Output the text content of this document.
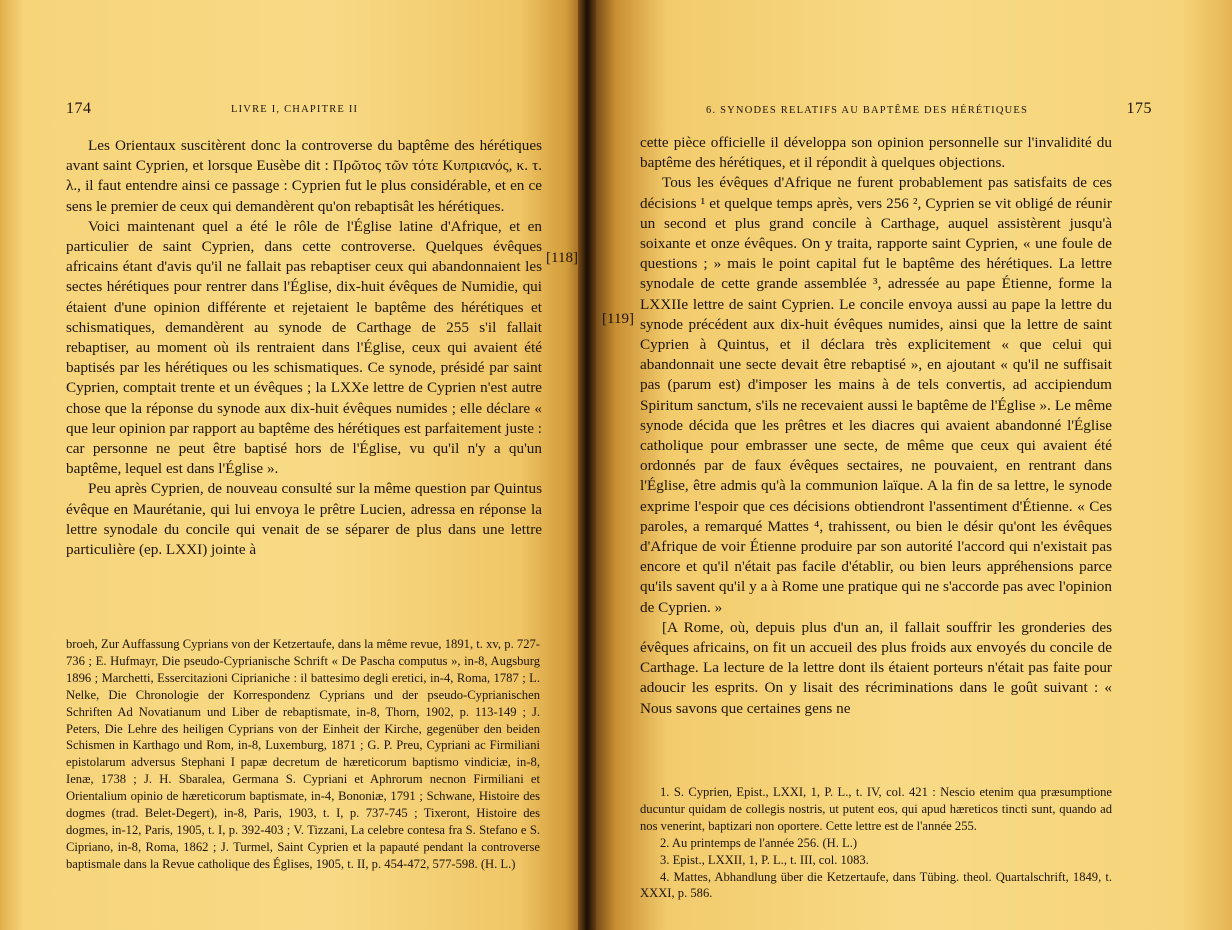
174	LIVRE I, CHAPITRE II

Les Orientaux suscitèrent donc la controverse du baptême des hérétiques avant saint Cyprien, et lorsque Eusèbe dit : Πρῶτος τῶν τότε Κυπριανός, κ. τ. λ., il faut entendre ainsi ce passage : Cyprien fut le plus considérable, et en ce sens le premier de ceux qui demandèrent qu'on rebaptisât les hérétiques.

Voici maintenant quel a été le rôle de l'Église latine d'Afrique, et en particulier de saint Cyprien, dans cette controverse. Quelques évêques africains étant d'avis qu'il ne fallait pas rebaptiser ceux qui abandonnaient les sectes hérétiques pour rentrer dans l'Église, dix-huit évêques de Numidie, qui étaient d'une opinion différente et rejetaient le baptême des hérétiques et schismatiques, demandèrent au synode de Carthage de 255 s'il fallait rebaptiser, au moment où ils rentraient dans l'Église, ceux qui avaient été baptisés par les hérétiques ou les schismatiques. Ce synode, présidé par saint Cyprien, comptait trente et un évêques ; la LXXe lettre de Cyprien n'est autre chose que la réponse du synode aux dix-huit évêques numides ; elle déclare « que leur opinion par rapport au baptême des hérétiques est parfaitement juste : car personne ne peut être baptisé hors de l'Église, vu qu'il n'y a qu'un baptême, lequel est dans l'Église ».

Peu après Cyprien, de nouveau consulté sur la même question par Quintus évêque en Maurétanie, qui lui envoya le prêtre Lucien, adressa en réponse la lettre synodale du concile qui venait de se séparer de plus dans une lettre particulière (ep. LXXI) jointe à

broeh, Zur Auffassung Cyprians von der Ketzertaufe, dans la même revue, 1891, t. xv, p. 727-736 ; E. Hufmayr, Die pseudo-Cyprianische Schrift « De Pascha computus », in-8, Augsburg 1896 ; Marchetti, Essercitazioni Ciprianiche : il battesimo degli eretici, in-4, Roma, 1787 ; L. Nelke, Die Chronologie der Korrespondenz Cyprians und der pseudo-Cyprianischen Schriften Ad Novatianum und Liber de rebaptismate, in-8, Thorn, 1902, p. 113-149 ; J. Peters, Die Lehre des heiligen Cyprians von der Einheit der Kirche, gegenüber den beiden Schismen in Karthago und Rom, in-8, Luxemburg, 1871 ; G. P. Preu, Cypriani ac Firmiliani epistolarum adversus Stephani I papæ decretum de hæreticorum baptismo vindiciæ, in-8, Ienæ, 1738 ; J. H. Sbaralea, Germana S. Cypriani et Aphrorum necnon Firmiliani et Orientalium opinio de hæreticorum baptismate, in-4, Bononiæ, 1791 ; Schwane, Histoire des dogmes (trad. Belet-Degert), in-8, Paris, 1903, t. I, p. 737-745 ; Tixeront, Histoire des dogmes, in-12, Paris, 1905, t. I, p. 392-403 ; V. Tizzani, La celebre contesa fra S. Stefano e S. Cipriano, in-8, Roma, 1862 ; J. Turmel, Saint Cyprien et la papauté pendant la controverse baptismale dans la Revue catholique des Églises, 1905, t. II, p. 454-472, 577-598. (H. L.)

[118]
6. SYNODES RELATIFS AU BAPTÊME DES HÉRÉTIQUES	175
[119]

cette pièce officielle il développa son opinion personnelle sur l'invalidité du baptême des hérétiques, et il répondit à quelques objections.

Tous les évêques d'Afrique ne furent probablement pas satisfaits de ces décisions ¹ et quelque temps après, vers 256 ², Cyprien se vit obligé de réunir un second et plus grand concile à Carthage, auquel assistèrent jusqu'à soixante et onze évêques. On y traita, rapporte saint Cyprien, « une foule de questions ; » mais le point capital fut le baptême des hérétiques. La lettre synodale de cette grande assemblée ³, adressée au pape Étienne, forme la LXXIIe lettre de saint Cyprien. Le concile envoya aussi au pape la lettre du synode précédent aux dix-huit évêques numides, ainsi que la lettre de saint Cyprien à Quintus, et il déclara très explicitement « que celui qui abandonnait une secte devait être rebaptisé », en ajoutant « qu'il ne suffisait pas (parum est) d'imposer les mains à de tels convertis, ad accipiendum Spiritum sanctum, s'ils ne recevaient aussi le baptême de l'Église ». Le même synode décida que les prêtres et les diacres qui avaient abandonné l'Église catholique pour embrasser une secte, de même que ceux qui avaient été ordonnés par de faux évêques sectaires, ne pouvaient, en rentrant dans l'Église, être admis qu'à la communion laïque. A la fin de sa lettre, le synode exprime l'espoir que ces décisions obtiendront l'assentiment d'Étienne. « Ces paroles, a remarqué Mattes ⁴, trahissent, ou bien le désir qu'ont les évêques d'Afrique de voir Étienne produire par son autorité l'accord qui n'existait pas encore et qu'il n'était pas facile d'établir, ou bien leurs appréhensions parce qu'ils savent qu'il y a à Rome une pratique qui ne s'accorde pas avec l'opinion de Cyprien. »

[A Rome, où, depuis plus d'un an, il fallait souffrir les gronderies des évêques africains, on fit un accueil des plus froids aux envoyés du concile de Carthage. La lecture de la lettre dont ils étaient porteurs n'était pas faite pour adoucir les esprits. On y lisait des récriminations dans le goût suivant : « Nous savons que certaines gens ne

1. S. Cyprien, Epist., LXXI, 1, P. L., t. IV, col. 421 : Nescio etenim qua præsumptione ducuntur quidam de collegis nostris, ut putent eos, qui apud hæreticos tincti sunt, quando ad nos venerint, baptizari non oportere. Cette lettre est de l'année 255.

2. Au printemps de l'année 256. (H. L.)

3. Epist., LXXII, 1, P. L., t. III, col. 1083.

4. Mattes, Abhandlung über die Ketzertaufe, dans Tübing. theol. Quartalschrift, 1849, t. XXXI, p. 586.
